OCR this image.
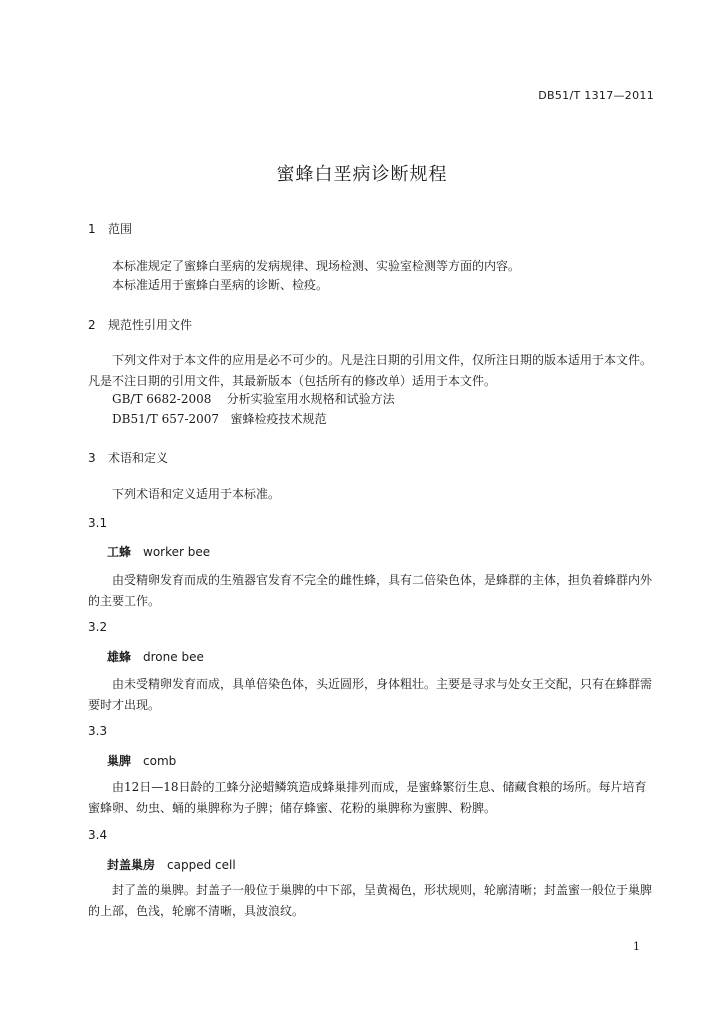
DB51/T 1317—2011
蜜蜂白垩病诊断规程
1 范围
本标准规定了蜜蜂白垩病的发病规律、现场检测、实验室检测等方面的内容。
本标准适用于蜜蜂白垩病的诊断、检疫。
2 规范性引用文件
下列文件对于本文件的应用是必不可少的。凡是注日期的引用文件，仅所注日期的版本适用于本文件。凡是不注日期的引用文件，其最新版本（包括所有的修改单）适用于本文件。
GB/T 6682-2008    分析实验室用水规格和试验方法
DB51/T 657-2007   蜜蜂检疫技术规范
3 术语和定义
下列术语和定义适用于本标准。
3.1
工蜂 worker bee
由受精卵发育而成的生殖器官发育不完全的雌性蜂，具有二倍染色体，是蜂群的主体，担负着蜂群内外的主要工作。
3.2
雄蜂 drone bee
由未受精卵发育而成，具单倍染色体，头近圆形，身体粗壮。主要是寻求与处女王交配，只有在蜂群需要时才出现。
3.3
巢脾 comb
由12日—18日龄的工蜂分泌蜡鳞筑造成蜂巢排列而成，是蜜蜂繁衍生息、储藏食粮的场所。每片培育蜜蜂卵、幼虫、蛹的巢脾称为子脾；储存蜂蜜、花粉的巢脾称为蜜脾、粉脾。
3.4
封盖巢房 capped cell
封了盖的巢脾。封盖子一般位于巢脾的中下部，呈黄褐色，形状规则，轮廓清晰；封盖蜜一般位于巢脾的上部，色浅，轮廓不清晰，具波浪纹。
1
